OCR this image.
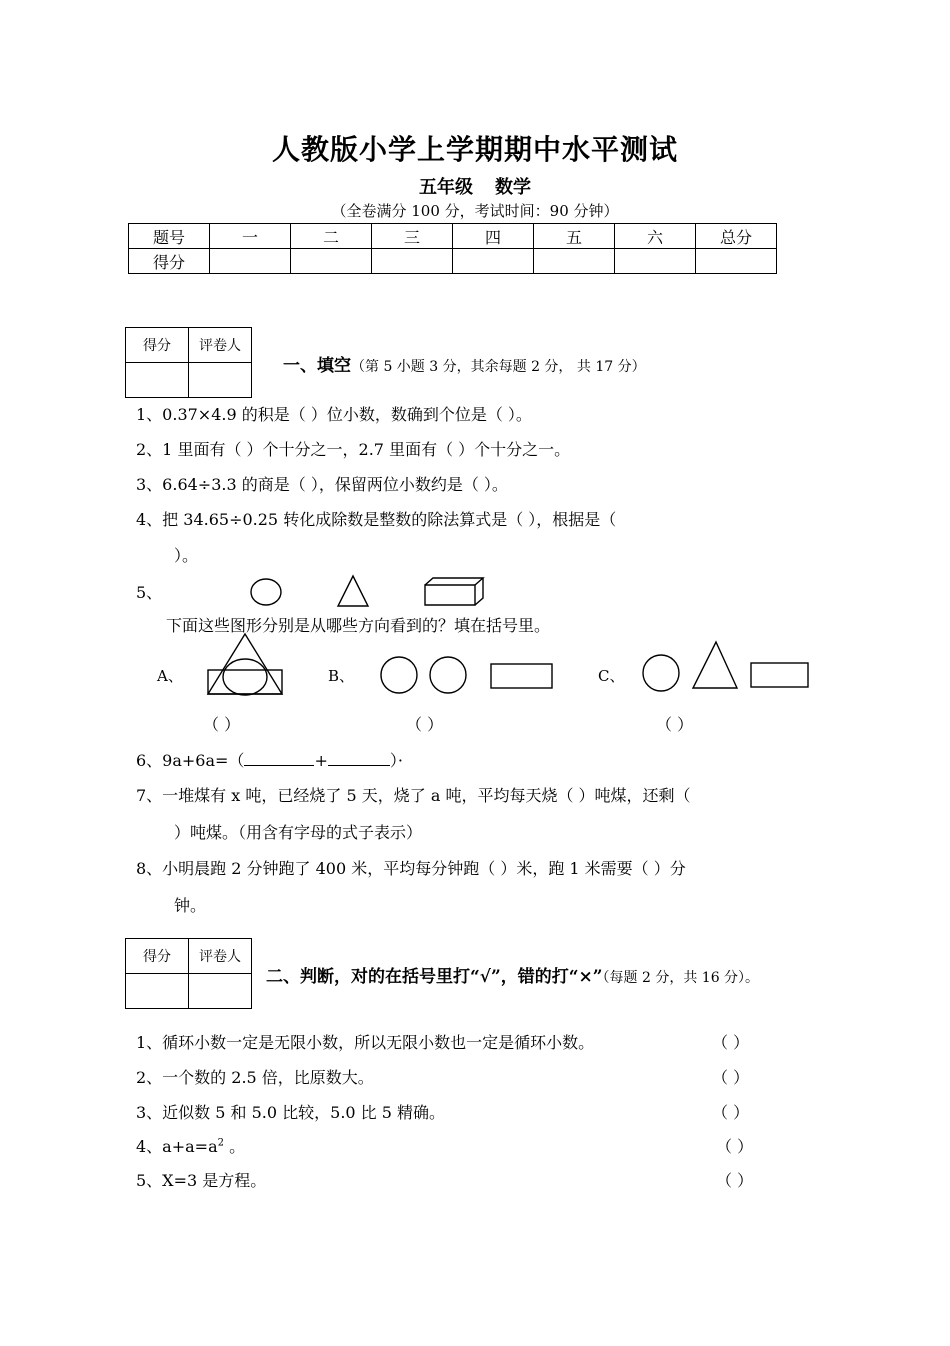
人教版小学上学期期中水平测试
五年级 数学
（全卷满分 100 分，考试时间：90 分钟）
题号	一	二	三	四	五	六	总分
得分							
得分	评卷人

一、填空（第 5 小题 3 分，其余每题 2 分， 共 17 分）
1、0.37×4.9 的积是（ ）位小数，数确到个位是（ ）。
2、1 里面有（ ）个十分之一，2.7 里面有（ ）个十分之一。
3、6.64÷3.3 的商是（ ），保留两位小数约是（ ）。
4、把 34.65÷0.25 转化成除数是整数的除法算式是（ ），根据是（
）。
5、
下面这些图形分别是从哪些方向看到的？填在括号里。
A、	B、	C、
（ ）	（ ）	（ ）
6、9a+6a=（	+	）·
7、一堆煤有 x 吨，已经烧了 5 天，烧了 a 吨，平均每天烧（ ）吨煤，还剩（
）吨煤。（用含有字母的式子表示）
8、小明晨跑 2 分钟跑了 400 米，平均每分钟跑（ ）米，跑 1 米需要（ ）分
钟。
得分	评卷人

二、判断，对的在括号里打“√”，错的打“×”（每题 2 分，共 16 分）。
1、循环小数一定是无限小数，所以无限小数也一定是循环小数。	（ ）
2、一个数的 2.5 倍，比原数大。	（ ）
3、近似数 5 和 5.0 比较，5.0 比 5 精确。	（ ）
4、$a+a=a^2$ 。	（ ）
5、X=3 是方程。	（ ）
